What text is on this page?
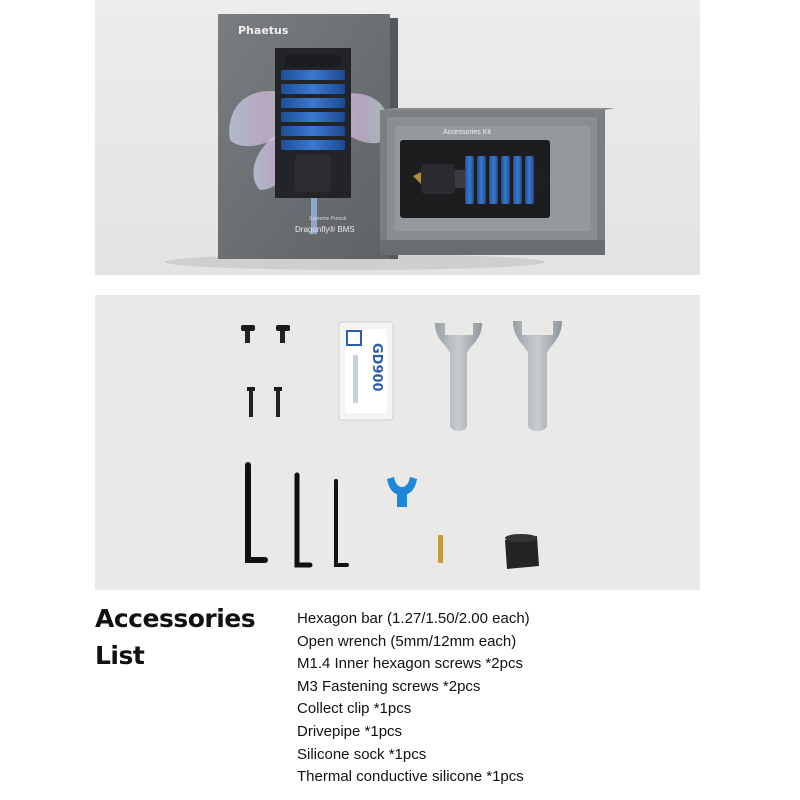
Phaetus
Supreme Pursuit
Dragonfly® BMS
Accessories Kit
GD900
Accessories
List
Hexagon bar (1.27/1.50/2.00 each)
Open wrench (5mm/12mm each)
M1.4 Inner hexagon screws *2pcs
M3 Fastening screws *2pcs
Collect clip *1pcs
Drivepipe *1pcs
Silicone sock *1pcs
Thermal conductive silicone *1pcs
